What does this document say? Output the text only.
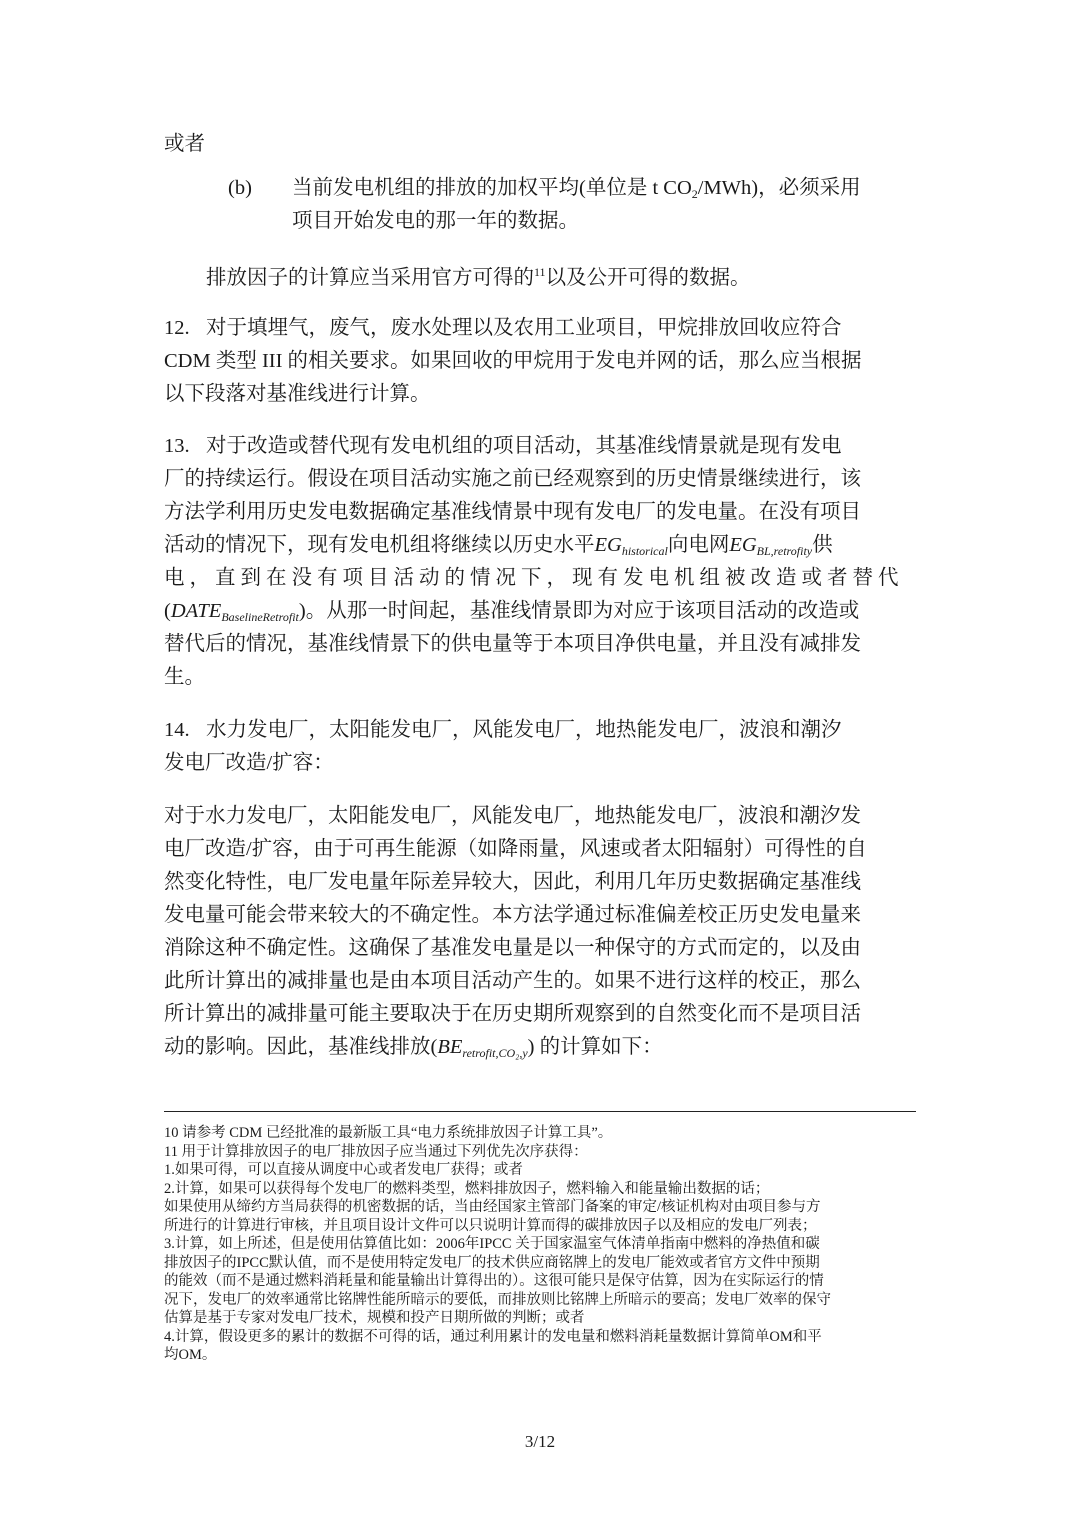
或者
(b) 当前发电机组的排放的加权平均(单位是 t $CO_2/MWh$)，必须采用
项目开始发电的那一年的数据。
排放因子的计算应当采用官方可得的$^{11}$以及公开可得的数据。
12. 对于填埋气，废气，废水处理以及农用工业项目，甲烷排放回收应符合
CDM 类型 III 的相关要求。如果回收的甲烷用于发电并网的话，那么应当根据
以下段落对基准线进行计算。
13. 对于改造或替代现有发电机组的项目活动，其基准线情景就是现有发电
厂的持续运行。假设在项目活动实施之前已经观察到的历史情景继续进行，该
方法学利用历史发电数据确定基准线情景中现有发电厂的发电量。在没有项目
活动的情况下，现有发电机组将继续以历史水平$EG_{historical}$向电网$EG_{BL,retrofity}$供
电，直到在没有项目活动的情况下，现有发电机组被改造或者替代
$(DATE_{BaselineRetrofit})$。从那一时间起，基准线情景即为对应于该项目活动的改造或
替代后的情况，基准线情景下的供电量等于本项目净供电量，并且没有减排发
生。
14. 水力发电厂，太阳能发电厂，风能发电厂，地热能发电厂，波浪和潮汐
发电厂改造/扩容：
对于水力发电厂，太阳能发电厂，风能发电厂，地热能发电厂，波浪和潮汐发
电厂改造/扩容，由于可再生能源（如降雨量，风速或者太阳辐射）可得性的自
然变化特性，电厂发电量年际差异较大，因此，利用几年历史数据确定基准线
发电量可能会带来较大的不确定性。本方法学通过标准偏差校正历史发电量来
消除这种不确定性。这确保了基准发电量是以一种保守的方式而定的，以及由
此所计算出的减排量也是由本项目活动产生的。如果不进行这样的校正，那么
所计算出的减排量可能主要取决于在历史期所观察到的自然变化而不是项目活
动的影响。因此，基准线排放$(BE_{retrofit,CO_2,y})$ 的计算如下：
10 请参考 CDM 已经批准的最新版工具“电力系统排放因子计算工具”。
11 用于计算排放因子的电厂排放因子应当通过下列优先次序获得：
1.如果可得，可以直接从调度中心或者发电厂获得；或者
2.计算，如果可以获得每个发电厂的燃料类型，燃料排放因子，燃料输入和能量输出数据的话；
如果使用从缔约方当局获得的机密数据的话，当由经国家主管部门备案的审定/核证机构对由项目参与方
所进行的计算进行审核，并且项目设计文件可以只说明计算而得的碳排放因子以及相应的发电厂列表；
3.计算，如上所述，但是使用估算值比如：2006年IPCC 关于国家温室气体清单指南中燃料的净热值和碳
排放因子的IPCC默认值，而不是使用特定发电厂的技术供应商铭牌上的发电厂能效或者官方文件中预期
的能效（而不是通过燃料消耗量和能量输出计算得出的）。这很可能只是保守估算，因为在实际运行的情
况下，发电厂的效率通常比铭牌性能所暗示的要低，而排放则比铭牌上所暗示的要高；发电厂效率的保守
估算是基于专家对发电厂技术，规模和投产日期所做的判断；或者
4.计算，假设更多的累计的数据不可得的话，通过利用累计的发电量和燃料消耗量数据计算简单OM和平
均OM。
3/12
